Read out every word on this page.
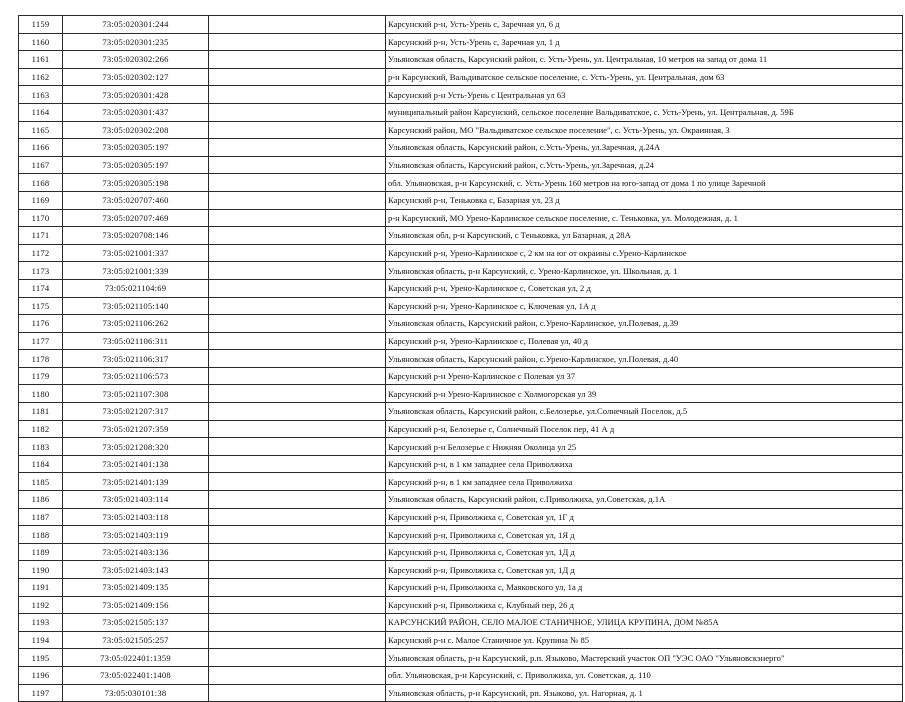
1159	73:05:020301:244		Карсунский р-н, Усть-Урень с, Заречная ул, 6 д
1160	73:05:020301:235		Карсунский р-н, Усть-Урень с, Заречная ул, 1 д
1161	73:05:020302:266		Ульяновская область, Карсунский район, с. Усть-Урень, ул. Центральная, 10 метров на запад от дома 11
1162	73:05:020302:127		р-н Карсунский, Вальдиватское сельское поселение, с. Усть-Урень, ул. Центральная, дом 63
1163	73:05:020301:428		Карсунский р-н Усть-Урень с Центральная ул 63
1164	73:05:020301:437		муниципальный район Карсунский, сельское поселение Вальдиватское, с. Усть-Урень, ул. Центральная, д. 59Б
1165	73:05:020302:208		Карсунский район, МО "Вальдиватское сельское поселение", с. Усть-Урень, ул. Окраинная, 3
1166	73:05:020305:197		Ульяновская область, Карсунский район, с.Усть-Урень, ул.Заречная, д.24А
1167	73:05:020305:197		Ульяновская область, Карсунский район, с.Усть-Урень, ул.Заречная, д.24
1168	73:05:020305:198		обл. Ульяновская, р-н Карсунский, с. Усть-Урень 160 метров на юго-запад от дома 1 по улице Заречной
1169	73:05:020707:460		Карсунский р-н, Теньковка с, Базарная ул, 23 д
1170	73:05:020707:469		р-н Карсунский, МО Урено-Карлинское сельское поселение, с. Теньковка, ул. Молодежная, д. 1
1171	73:05:020708:146		Ульяновская обл, р-н Карсунский, с Теньковка, ул Базарная, д 28А
1172	73:05:021001:337		Карсунский р-н, Урено-Карлинское с, 2 км на юг от окраины с.Урено-Карлинское
1173	73:05:021001:339		Ульяновская область, р-н Карсунский, с. Урено-Карлинское, ул. Школьная, д. 1
1174	73:05:021104:69		Карсунский р-н, Урено-Карлинское с, Советская ул, 2 д
1175	73:05:021105:140		Карсунский р-н, Урено-Карлинское с, Ключевая ул, 1А д
1176	73:05:021106:262		Ульяновская область, Карсунский район, с.Урено-Карлинское, ул.Полевая, д.39
1177	73:05:021106:311		Карсунский р-н, Урено-Карлинское с, Полевая ул, 40 д
1178	73:05:021106:317		Ульяновская область, Карсунский район, с.Урено-Карлинское, ул.Полевая, д.40
1179	73:05:021106:573		Карсунский р-н Урено-Карлинское с Полевая ул 37
1180	73:05:021107:308		Карсунский р-н Урено-Карлинское с Холмогорская ул 39
1181	73:05:021207:317		Ульяновская область, Карсунский район, с.Белозерье, ул.Солнечный Поселок, д.5
1182	73:05:021207:359		Карсунский р-н, Белозерье с, Солнечный Поселок пер, 41 А д
1183	73:05:021208:320		Карсунский р-н Белозерье с Нижняя Околица ул 25
1184	73:05:021401:138		Карсунский р-н, в 1 км западнее села Приволжиха
1185	73:05:021401:139		Карсунский р-н, в 1 км западнее села Приволжиха
1186	73:05:021403:114		Ульяновская область, Карсунский район, с.Приволжиха, ул.Советская, д.1А
1187	73:05:021403:118		Карсунский р-н, Приволжиха с, Советская ул, 1Г д
1188	73:05:021403:119		Карсунский р-н, Приволжиха с, Советская ул, 1Я д
1189	73:05:021403:136		Карсунский р-н, Приволжиха с, Советская ул, 1Д д
1190	73:05:021403:143		Карсунский р-н, Приволжиха с, Советская ул, 1Д д
1191	73:05:021409:135		Карсунский р-н, Приволжиха с, Маяковского ул, 1а д
1192	73:05:021409:156		Карсунский р-н, Приволжиха с, Клубный пер, 26 д
1193	73:05:021505:137		КАРСУНСКИЙ РАЙОН, СЕЛО МАЛОЕ СТАНИЧНОЕ, УЛИЦА КРУПИНА, ДОМ №85А
1194	73:05:021505:257		Карсунский р-н с. Малое Станичное ул. Крупина № 85
1195	73:05:022401:1359		Ульяновская область, р-н Карсунский, р.п. Языково, Мастерский участок ОП "УЭС ОАО "Ульяновскэнерго"
1196	73:05:022401:1408		обл. Ульяновская, р-н Карсунский, с. Приволжиха, ул. Советская, д. 110
1197	73:05:030101:38		Ульяновская область, р-н Карсунский, рп. Языково, ул. Нагорная, д. 1
